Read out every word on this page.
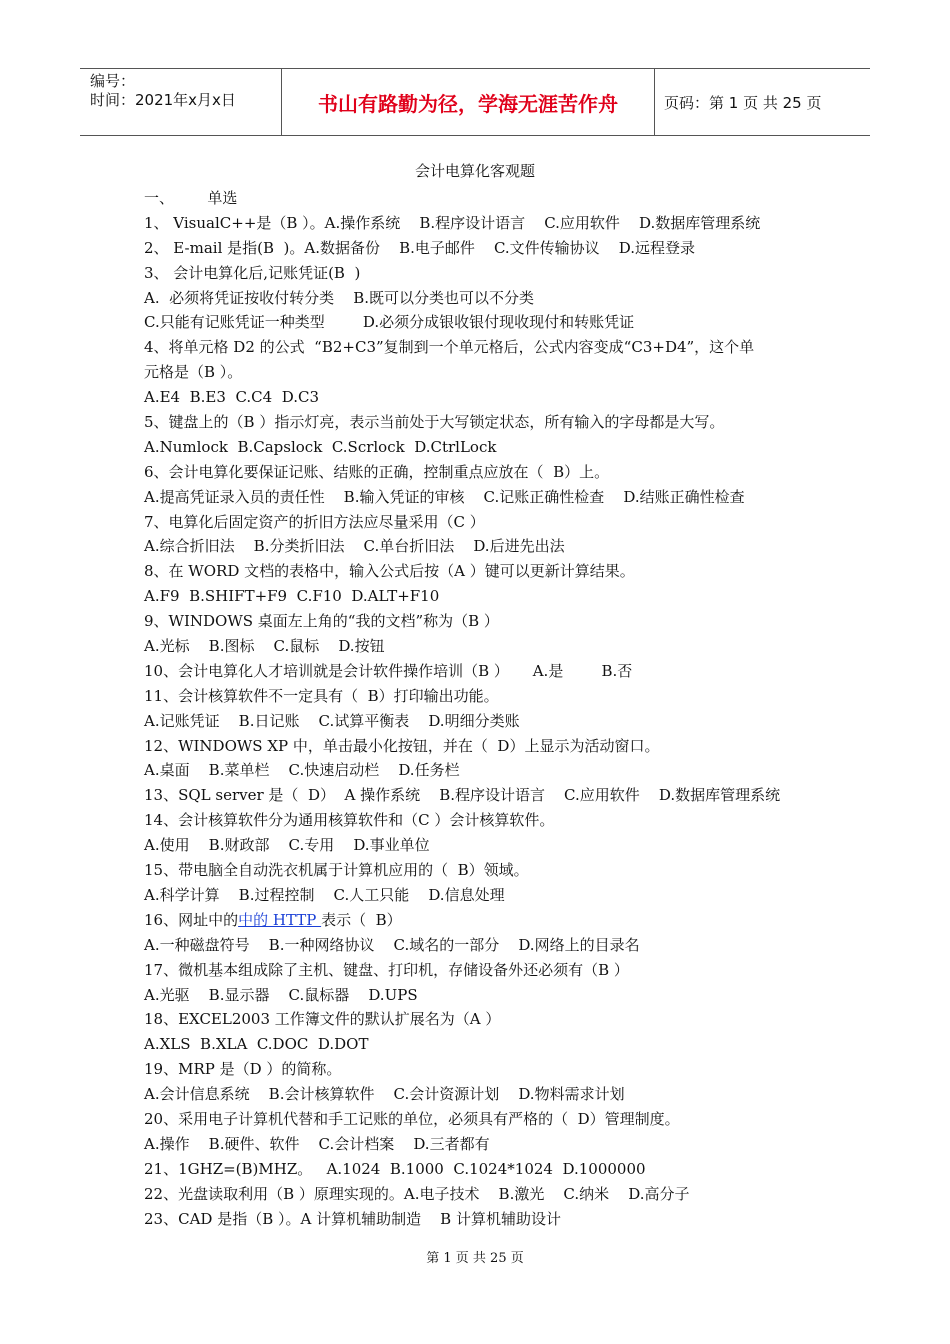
编号：
时间：2021年x月x日	书山有路勤为径，学海无涯苦作舟	页码：第 1 页 共 25 页
会计电算化客观题
一、       单选
1、 VisualC++是（B ）。A.操作系统    B.程序设计语言    C.应用软件    D.数据库管理系统
2、 E-mail 是指(B  )。A.数据备份    B.电子邮件    C.文件传输协议    D.远程登录
3、 会计电算化后,记账凭证(B  )
A.  必须将凭证按收付转分类    B.既可以分类也可以不分类
C.只能有记账凭证一种类型        D.必须分成银收银付现收现付和转账凭证
4、将单元格 D2 的公式  “B2+C3”复制到一个单元格后，公式内容变成“C3+D4”，这个单
元格是（B ）。
A.E4  B.E3  C.C4  D.C3
5、键盘上的（B ）指示灯亮，表示当前处于大写锁定状态，所有输入的字母都是大写。
A.Numlock  B.Capslock  C.Scrlock  D.CtrlLock
6、会计电算化要保证记账、结账的正确，控制重点应放在（  B）上。
A.提高凭证录入员的责任性    B.输入凭证的审核    C.记账正确性检查    D.结账正确性检查
7、电算化后固定资产的折旧方法应尽量采用（C ）
A.综合折旧法    B.分类折旧法    C.单台折旧法    D.后进先出法
8、在 WORD 文档的表格中，输入公式后按（A ）键可以更新计算结果。
A.F9  B.SHIFT+F9  C.F10  D.ALT+F10
9、WINDOWS 桌面左上角的“我的文档”称为（B ）
A.光标    B.图标    C.鼠标    D.按钮
10、会计电算化人才培训就是会计软件操作培训（B ）     A.是        B.否
11、会计核算软件不一定具有（  B）打印输出功能。
A.记账凭证    B.日记账    C.试算平衡表    D.明细分类账
12、WINDOWS XP 中，单击最小化按钮，并在（  D）上显示为活动窗口。
A.桌面    B.菜单栏    C.快速启动栏    D.任务栏
13、SQL server 是（  D）  A 操作系统    B.程序设计语言    C.应用软件    D.数据库管理系统
14、会计核算软件分为通用核算软件和（C ）会计核算软件。
A.使用    B.财政部    C.专用    D.事业单位
15、带电脑全自动洗衣机属于计算机应用的（  B）领域。
A.科学计算    B.过程控制    C.人工只能    D.信息处理
16、网址中的中的 HTTP 表示（  B）
A.一种磁盘符号    B.一种网络协议    C.域名的一部分    D.网络上的目录名
17、微机基本组成除了主机、键盘、打印机，存储设备外还必须有（B ）
A.光驱    B.显示器    C.鼠标器    D.UPS
18、EXCEL2003 工作簿文件的默认扩展名为（A ）
A.XLS  B.XLA  C.DOC  D.DOT
19、MRP 是（D ）的简称。
A.会计信息系统    B.会计核算软件    C.会计资源计划    D.物料需求计划
20、采用电子计算机代替和手工记账的单位，必须具有严格的（  D）管理制度。
A.操作    B.硬件、软件    C.会计档案    D.三者都有
21、1GHZ=(B)MHZ。   A.1024  B.1000  C.1024*1024  D.1000000
22、光盘读取利用（B ）原理实现的。A.电子技术    B.激光    C.纳米    D.高分子
23、CAD 是指（B ）。A 计算机辅助制造    B 计算机辅助设计
第 1 页 共 25 页
